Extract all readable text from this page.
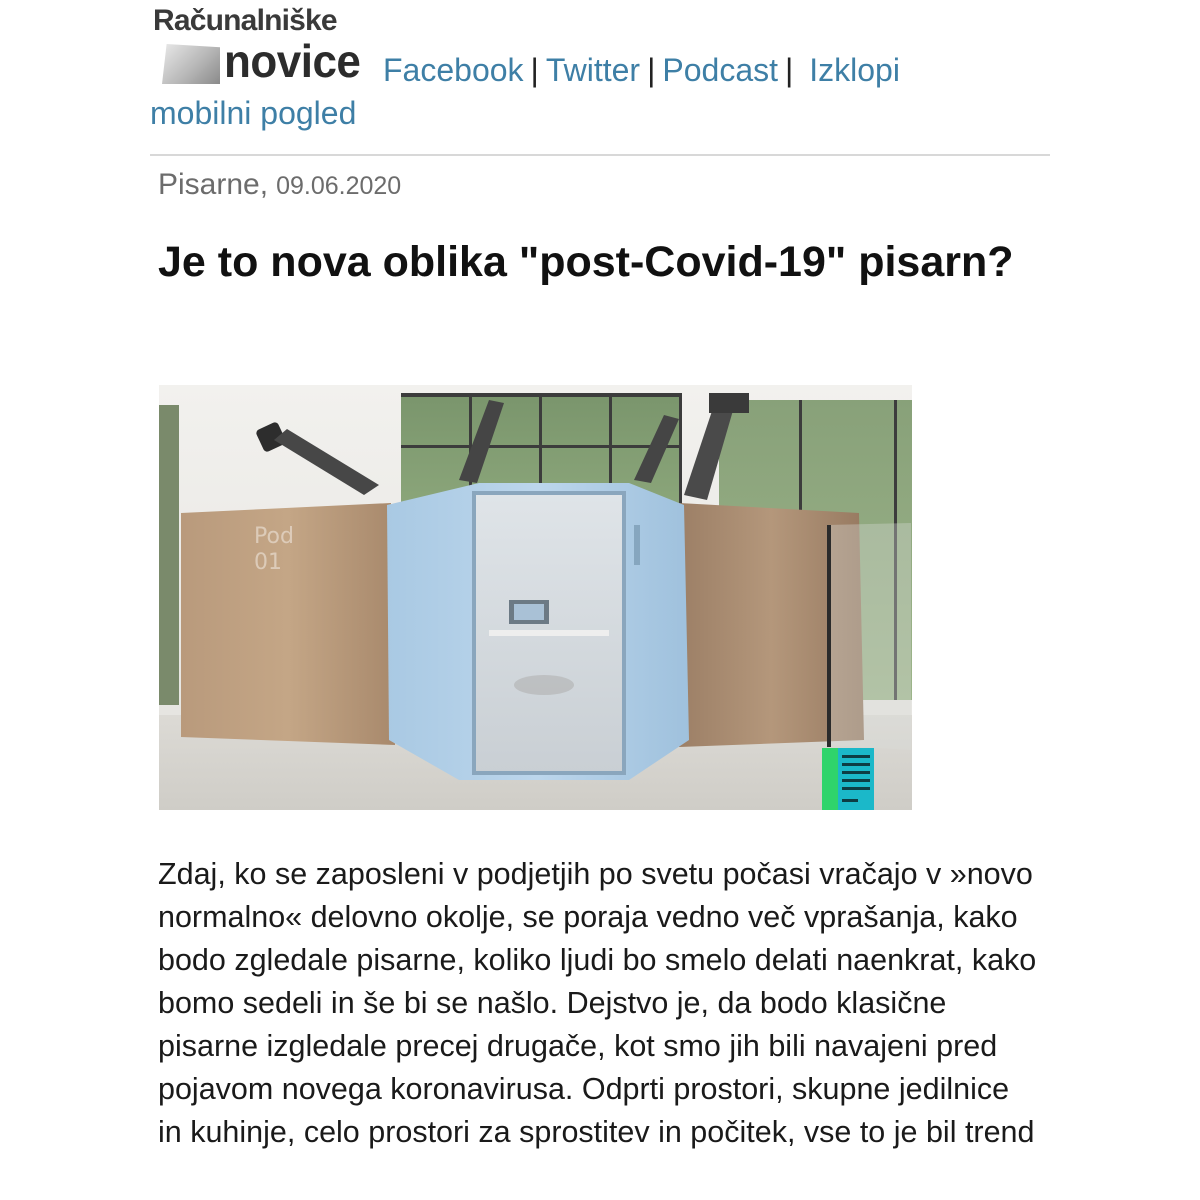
Računalniške
novice Facebook | Twitter | Podcast | Izklopi
mobilni pogled
Pisarne, 09.06.2020
Je to nova oblika "post-Covid-19" pisarn?
Pod
01

Zdaj, ko se zaposleni v podjetjih po svetu počasi vračajo v »novo normalno« delovno okolje, se poraja vedno več vprašanja, kako bodo zgledale pisarne, koliko ljudi bo smelo delati naenkrat, kako bomo sedeli in še bi se našlo. Dejstvo je, da bodo klasične pisarne izgledale precej drugače, kot smo jih bili navajeni pred pojavom novega koronavirusa. Odprti prostori, skupne jedilnice in kuhinje, celo prostori za sprostitev in počitek, vse to je bil trend
